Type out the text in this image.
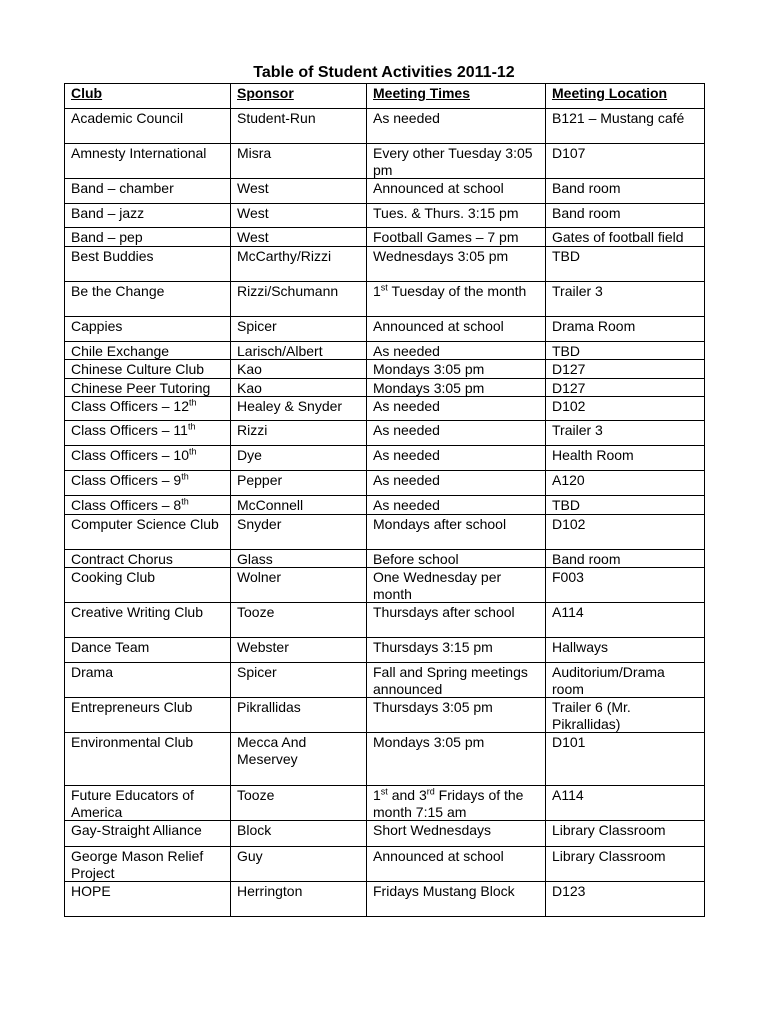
Table of Student Activities 2011-12
Club	Sponsor	Meeting Times	Meeting Location
Academic Council	Student-Run	As needed	B121 – Mustang café
Amnesty International	Misra	Every other Tuesday 3:05 pm	D107
Band – chamber	West	Announced at school	Band room
Band – jazz	West	Tues. & Thurs. 3:15 pm	Band room
Band – pep	West	Football Games – 7 pm	Gates of football field
Best Buddies	McCarthy/Rizzi	Wednesdays 3:05 pm	TBD
Be the Change	Rizzi/Schumann	1st Tuesday of the month	Trailer 3
Cappies	Spicer	Announced at school	Drama Room
Chile Exchange	Larisch/Albert	As needed	TBD
Chinese Culture Club	Kao	Mondays 3:05 pm	D127
Chinese Peer Tutoring	Kao	Mondays 3:05 pm	D127
Class Officers – 12th	Healey & Snyder	As needed	D102
Class Officers – 11th	Rizzi	As needed	Trailer 3
Class Officers – 10th	Dye	As needed	Health Room
Class Officers – 9th	Pepper	As needed	A120
Class Officers – 8th	McConnell	As needed	TBD
Computer Science Club	Snyder	Mondays after school	D102
Contract Chorus	Glass	Before school	Band room
Cooking Club	Wolner	One Wednesday per month	F003
Creative Writing Club	Tooze	Thursdays after school	A114
Dance Team	Webster	Thursdays 3:15 pm	Hallways
Drama	Spicer	Fall and Spring meetings announced	Auditorium/Drama room
Entrepreneurs Club	Pikrallidas	Thursdays 3:05 pm	Trailer 6 (Mr. Pikrallidas)
Environmental Club	Mecca And Meservey	Mondays 3:05 pm	D101
Future Educators of America	Tooze	1st and 3rd Fridays of the month 7:15 am	A114
Gay-Straight Alliance	Block	Short Wednesdays	Library Classroom
George Mason Relief Project	Guy	Announced at school	Library Classroom
HOPE	Herrington	Fridays Mustang Block	D123
